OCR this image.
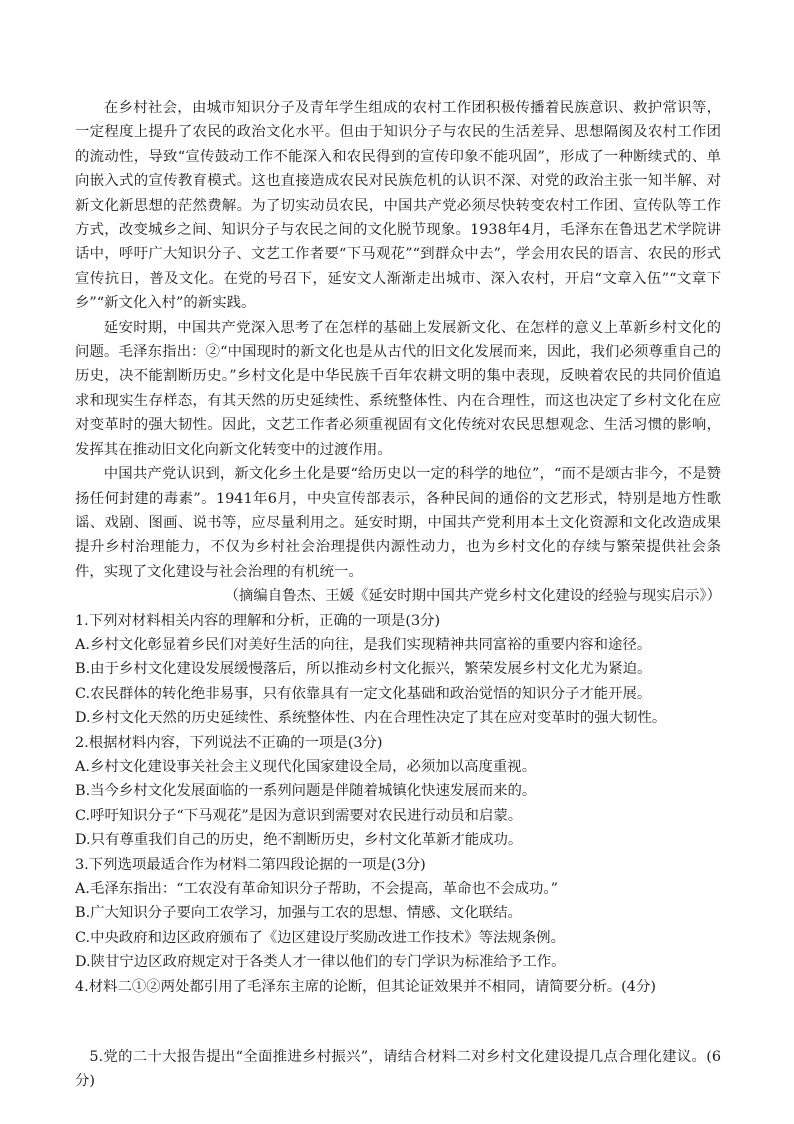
在乡村社会，由城市知识分子及青年学生组成的农村工作团积极传播着民族意识、救护常识等，一定程度上提升了农民的政治文化水平。但由于知识分子与农民的生活差异、思想隔阂及农村工作团的流动性，导致“宣传鼓动工作不能深入和农民得到的宣传印象不能巩固”，形成了一种断续式的、单向嵌入式的宣传教育模式。这也直接造成农民对民族危机的认识不深、对党的政治主张一知半解、对新文化新思想的茫然费解。为了切实动员农民，中国共产党必须尽快转变农村工作团、宣传队等工作方式，改变城乡之间、知识分子与农民之间的文化脱节现象。1938年4月，毛泽东在鲁迅艺术学院讲话中，呼吁广大知识分子、文艺工作者要“下马观花”“到群众中去”，学会用农民的语言、农民的形式宣传抗日，普及文化。在党的号召下，延安文人渐渐走出城市、深入农村，开启“文章入伍”“文章下乡”“新文化入村”的新实践。

延安时期，中国共产党深入思考了在怎样的基础上发展新文化、在怎样的意义上革新乡村文化的问题。毛泽东指出：②“中国现时的新文化也是从古代的旧文化发展而来，因此，我们必须尊重自己的历史，决不能割断历史。”乡村文化是中华民族千百年农耕文明的集中表现，反映着农民的共同价值追求和现实生存样态，有其天然的历史延续性、系统整体性、内在合理性，而这也决定了乡村文化在应对变革时的强大韧性。因此，文艺工作者必须重视固有文化传统对农民思想观念、生活习惯的影响，发挥其在推动旧文化向新文化转变中的过渡作用。

中国共产党认识到，新文化乡土化是要“给历史以一定的科学的地位”，“而不是颂古非今，不是赞扬任何封建的毒素”。1941年6月，中央宣传部表示，各种民间的通俗的文艺形式，特别是地方性歌谣、戏剧、图画、说书等，应尽量利用之。延安时期，中国共产党利用本土文化资源和文化改造成果提升乡村治理能力，不仅为乡村社会治理提供内源性动力，也为乡村文化的存续与繁荣提供社会条件，实现了文化建设与社会治理的有机统一。

（摘编自鲁杰、王媛《延安时期中国共产党乡村文化建设的经验与现实启示》）

1.下列对材料相关内容的理解和分析，正确的一项是(3分)

A.乡村文化彰显着乡民们对美好生活的向往，是我们实现精神共同富裕的重要内容和途径。

B.由于乡村文化建设发展缓慢落后，所以推动乡村文化振兴，繁荣发展乡村文化尤为紧迫。

C.农民群体的转化绝非易事，只有依靠具有一定文化基础和政治觉悟的知识分子才能开展。

D.乡村文化天然的历史延续性、系统整体性、内在合理性决定了其在应对变革时的强大韧性。

2.根据材料内容，下列说法不正确的一项是(3分)

A.乡村文化建设事关社会主义现代化国家建设全局，必须加以高度重视。

B.当今乡村文化发展面临的一系列问题是伴随着城镇化快速发展而来的。

C.呼吁知识分子“下马观花”是因为意识到需要对农民进行动员和启蒙。

D.只有尊重我们自己的历史，绝不割断历史，乡村文化革新才能成功。

3.下列选项最适合作为材料二第四段论据的一项是(3分)

A.毛泽东指出：“工农没有革命知识分子帮助，不会提高，革命也不会成功。”

B.广大知识分子要向工农学习，加强与工农的思想、情感、文化联结。

C.中央政府和边区政府颁布了《边区建设厅奖励改进工作技术》等法规条例。

D.陕甘宁边区政府规定对于各类人才一律以他们的专门学识为标准给予工作。

4.材料二①②两处都引用了毛泽东主席的论断，但其论证效果并不相同，请简要分析。(4分)

5.党的二十大报告提出“全面推进乡村振兴”，请结合材料二对乡村文化建设提几点合理化建议。(6分)
